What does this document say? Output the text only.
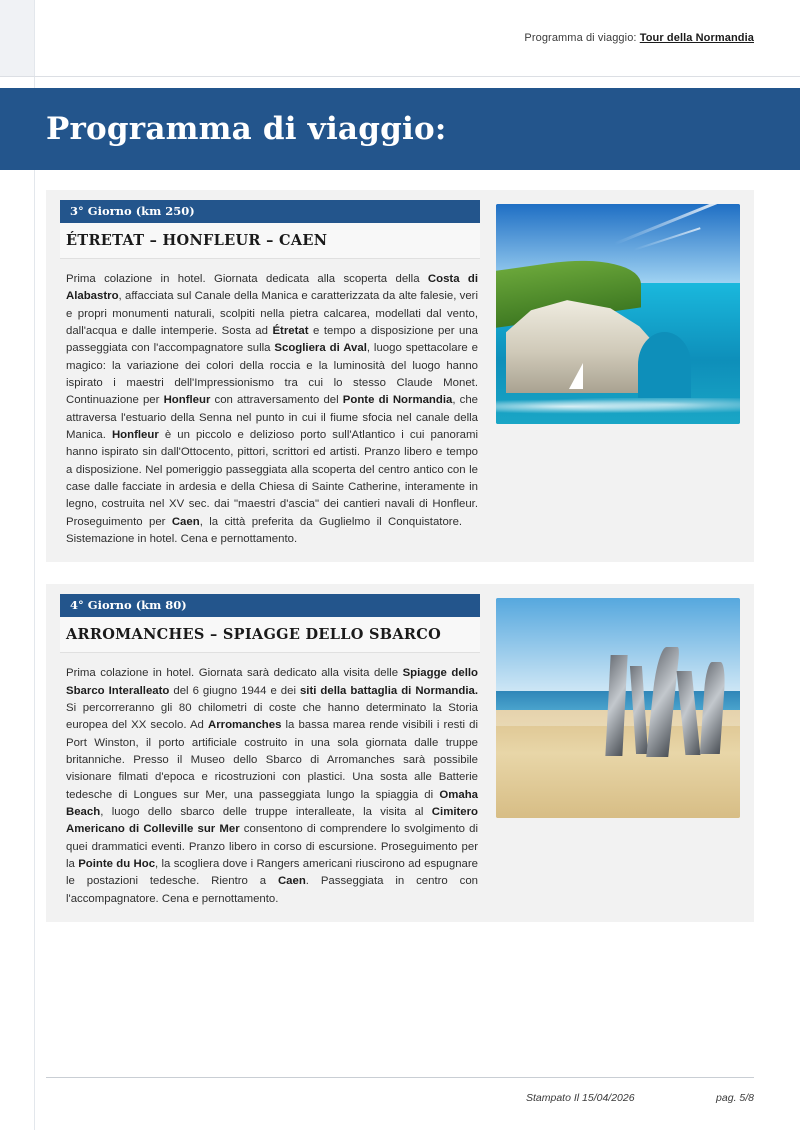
Programma di viaggio: Tour della Normandia
Programma di viaggio:
3° Giorno (km 250)
ÉTRETAT – HONFLEUR – CAEN
Prima colazione in hotel. Giornata dedicata alla scoperta della Costa di Alabastro, affacciata sul Canale della Manica e caratterizzata da alte falesie, veri e propri monumenti naturali, scolpiti nella pietra calcarea, modellati dal vento, dall'acqua e dalle intemperie. Sosta ad Étretat e tempo a disposizione per una passeggiata con l'accompagnatore sulla Scogliera di Aval, luogo spettacolare e magico: la variazione dei colori della roccia e la luminosità del luogo hanno ispirato i maestri dell'Impressionismo tra cui lo stesso Claude Monet. Continuazione per Honfleur con attraversamento del Ponte di Normandia, che attraversa l'estuario della Senna nel punto in cui il fiume sfocia nel canale della Manica. Honfleur è un piccolo e delizioso porto sull'Atlantico i cui panorami hanno ispirato sin dall'Ottocento, pittori, scrittori ed artisti. Pranzo libero e tempo a disposizione. Nel pomeriggio passeggiata alla scoperta del centro antico con le case dalle facciate in ardesia e della Chiesa di Sainte Catherine, interamente in legno, costruita nel XV sec. dai "maestri d'ascia" dei cantieri navali di Honfleur. Proseguimento per Caen, la città preferita da Guglielmo il Conquistatore.    Sistemazione in hotel. Cena e pernottamento.
4° Giorno (km 80)
ARROMANCHES – SPIAGGE DELLO SBARCO
Prima colazione in hotel. Giornata sarà dedicato alla visita delle Spiagge dello Sbarco Interalleato del 6 giugno 1944 e dei siti della battaglia di Normandia. Si percorreranno gli 80 chilometri di coste che hanno determinato la Storia europea del XX secolo. Ad Arromanches la bassa marea rende visibili i resti di Port Winston, il porto artificiale costruito in una sola giornata dalle truppe britanniche. Presso il Museo dello Sbarco di Arromanches sarà possibile visionare filmati d'epoca e ricostruzioni con plastici. Una sosta alle Batterie tedesche di Longues sur Mer, una passeggiata lungo la spiaggia di Omaha Beach, luogo dello sbarco delle truppe interalleate, la visita al Cimitero Americano di Colleville sur Mer consentono di comprendere lo svolgimento di quei drammatici eventi. Pranzo libero in corso di escursione. Proseguimento per la Pointe du Hoc, la scogliera dove i Rangers americani riuscirono ad espugnare le postazioni tedesche. Rientro a Caen. Passeggiata in centro con l'accompagnatore. Cena e pernottamento.
Stampato Il 15/04/2026	pag. 5/8
